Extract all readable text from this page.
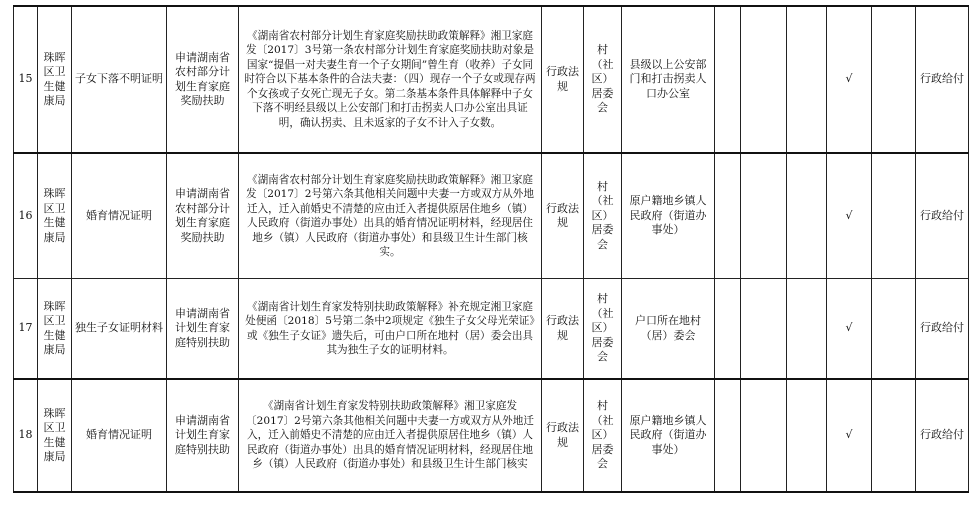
15	珠晖区卫生健康局	子女下落不明证明	申请湖南省农村部分计划生育家庭奖励扶助	《湖南省农村部分计划生育家庭奖励扶助政策解释》湘卫家庭发〔2017〕3号第一条农村部分计划生育家庭奖励扶助对象是国家“提倡一对夫妻生育一个子女期间”曾生育（收养）子女同时符合以下基本条件的合法夫妻：（四）现存一个子女或现存两个女孩或子女死亡现无子女。第二条基本条件具体解释中子女下落不明经县级以上公安部门和打击拐卖人口办公室出具证明，确认拐卖、且未返家的子女不计入子女数。	行政法规	村（社区）居委会	县级以上公安部门和打击拐卖人口办公室				√		行政给付
16	珠晖区卫生健康局	婚育情况证明	申请湖南省农村部分计划生育家庭奖励扶助	《湖南省农村部分计划生育家庭奖励扶助政策解释》湘卫家庭发〔2017〕2号第六条其他相关问题中夫妻一方或双方从外地迁入，迁入前婚史不清楚的应由迁入者提供原居住地乡（镇）人民政府（街道办事处）出具的婚育情况证明材料，经现居住地乡（镇）人民政府（街道办事处）和县级卫生计生部门核实。	行政法规	村（社区）居委会	原户籍地乡镇人民政府（街道办事处）				√		行政给付
17	珠晖区卫生健康局	独生子女证明材料	申请湖南省计划生育家庭特别扶助	《湖南省计划生育家发特别扶助政策解释》补充规定湘卫家庭处便函〔2018〕5号第二条中2项规定《独生子女父母光荣证》或《独生子女证》遗失后，可由户口所在地村（居）委会出具其为独生子女的证明材料。	行政法规	村（社区）居委会	户口所在地村（居）委会				√		行政给付
18	珠晖区卫生健康局	婚育情况证明	申请湖南省计划生育家庭特别扶助	《湖南省计划生育家发特别扶助政策解释》湘卫家庭发〔2017〕2号第六条其他相关问题中夫妻一方或双方从外地迁入，迁入前婚史不清楚的应由迁入者提供原居住地乡（镇）人民政府（街道办事处）出具的婚育情况证明材料，经现居住地乡（镇）人民政府（街道办事处）和县级卫生计生部门核实	行政法规	村（社区）居委会	原户籍地乡镇人民政府（街道办事处）				√		行政给付
